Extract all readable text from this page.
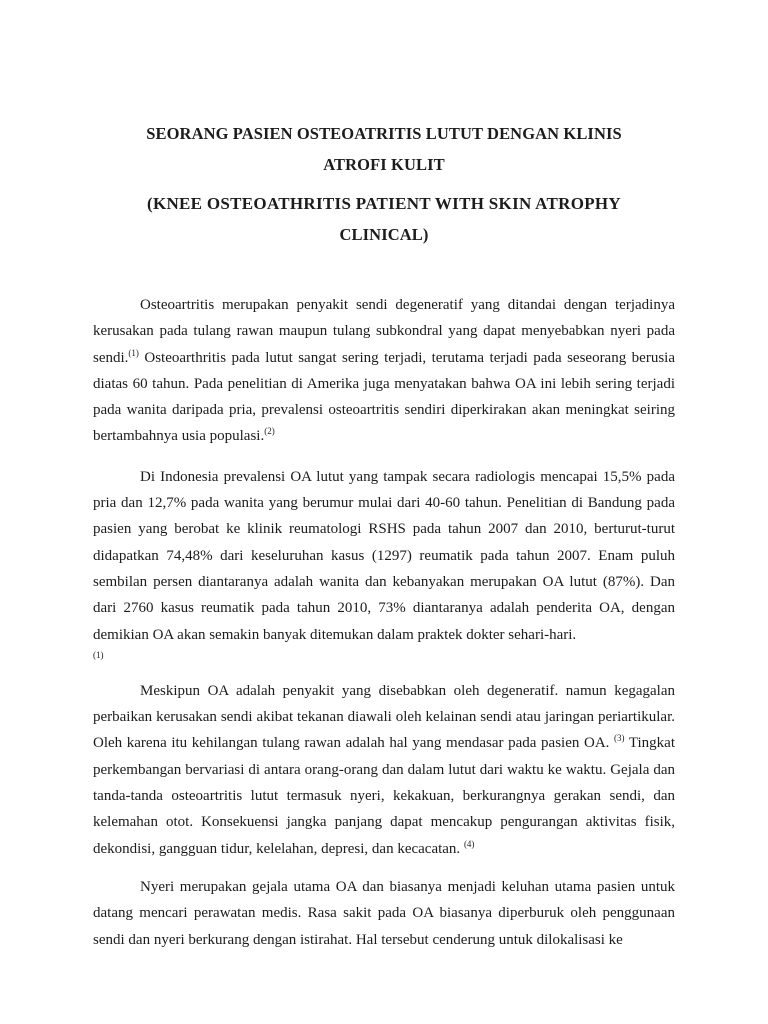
SEORANG PASIEN OSTEOATRITIS LUTUT DENGAN KLINIS
ATROFI KULIT
(KNEE OSTEOATHRITIS PATIENT WITH SKIN ATROPHY
CLINICAL)

Osteoartritis merupakan penyakit sendi degeneratif yang ditandai dengan terjadinya kerusakan pada tulang rawan maupun tulang subkondral yang dapat menyebabkan nyeri pada sendi.$^{(1)}$ Osteoarthritis pada lutut sangat sering terjadi, terutama terjadi pada seseorang berusia diatas 60 tahun. Pada penelitian di Amerika juga menyatakan bahwa OA ini lebih sering terjadi pada wanita daripada pria, prevalensi osteoartritis sendiri diperkirakan akan meningkat seiring bertambahnya usia populasi.$^{(2)}$

Di Indonesia prevalensi OA lutut yang tampak secara radiologis mencapai 15,5% pada pria dan 12,7% pada wanita yang berumur mulai dari 40-60 tahun. Penelitian di Bandung pada pasien yang berobat ke klinik reumatologi RSHS pada tahun 2007 dan 2010, berturut-turut didapatkan 74,48% dari keseluruhan kasus (1297) reumatik pada tahun 2007. Enam puluh sembilan persen diantaranya adalah wanita dan kebanyakan merupakan OA lutut (87%). Dan dari 2760 kasus reumatik pada tahun 2010, 73% diantaranya adalah penderita OA, dengan demikian OA akan semakin banyak ditemukan dalam praktek dokter sehari-hari.
(1)

Meskipun OA adalah penyakit yang disebabkan oleh degeneratif. namun kegagalan perbaikan kerusakan sendi akibat tekanan diawali oleh kelainan sendi atau jaringan periartikular. Oleh karena itu kehilangan tulang rawan adalah hal yang mendasar pada pasien OA. $^{(3)}$ Tingkat perkembangan bervariasi di antara orang-orang dan dalam lutut dari waktu ke waktu. Gejala dan tanda-tanda osteoartritis lutut termasuk nyeri, kekakuan, berkurangnya gerakan sendi, dan kelemahan otot. Konsekuensi jangka panjang dapat mencakup pengurangan aktivitas fisik, dekondisi, gangguan tidur, kelelahan, depresi, dan kecacatan. $^{(4)}$

Nyeri merupakan gejala utama OA dan biasanya menjadi keluhan utama pasien untuk datang mencari perawatan medis. Rasa sakit pada OA biasanya diperburuk oleh penggunaan sendi dan nyeri berkurang dengan istirahat. Hal tersebut cenderung untuk dilokalisasi ke
